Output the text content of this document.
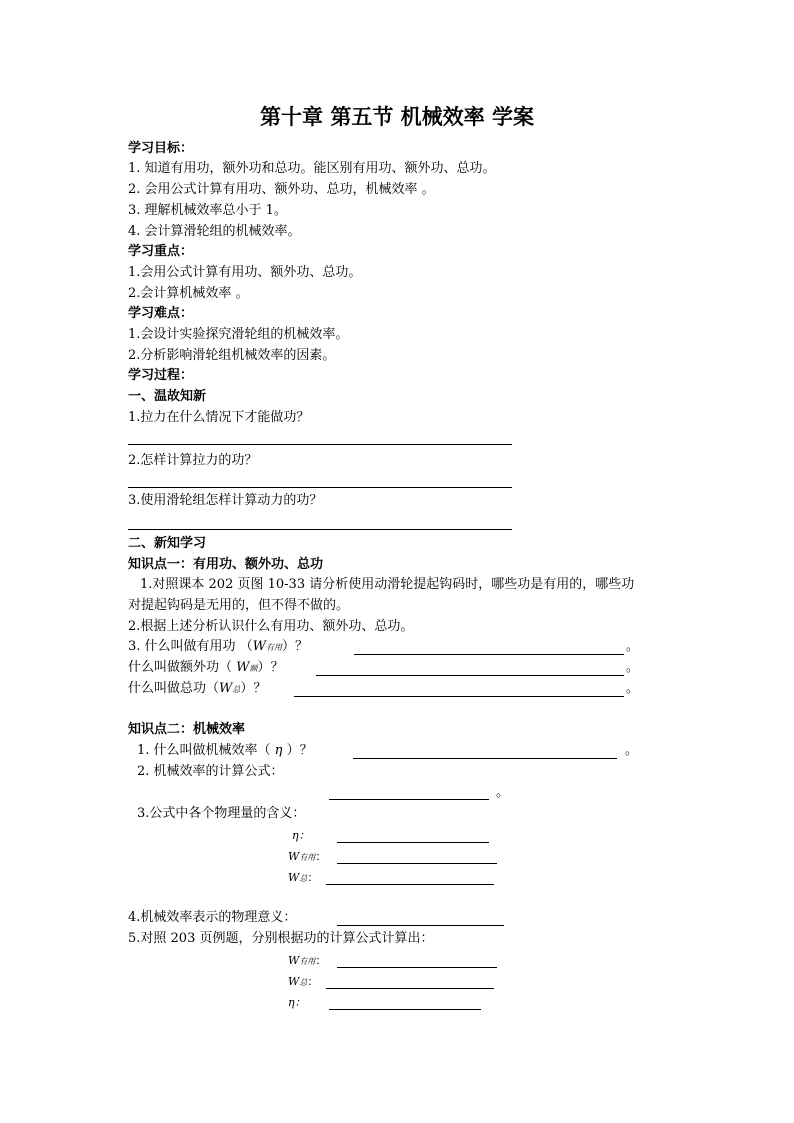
第十章 第五节 机械效率 学案
学习目标：
1. 知道有用功，额外功和总功。能区别有用功、额外功、总功。
2. 会用公式计算有用功、额外功、总功，机械效率 。
3. 理解机械效率总小于 1。
4. 会计算滑轮组的机械效率。
学习重点：
1.会用公式计算有用功、额外功、总功。
2.会计算机械效率 。
学习难点：
1.会设计实验探究滑轮组的机械效率。
2.分析影响滑轮组机械效率的因素。
学习过程：
一、温故知新
1.拉力在什么情况下才能做功？
2.怎样计算拉力的功？
3.使用滑轮组怎样计算动力的功？
二、新知学习
知识点一：有用功、额外功、总功
1.对照课本 202 页图 10-33 请分析使用动滑轮提起钩码时，哪些功是有用的，哪些功
对提起钩码是无用的，但不得不做的。
2.根据上述分析认识什么有用功、额外功、总功。
3. 什么叫做有用功 （W有用）？	。
什么叫做额外功（ W额）？	。
什么叫做总功（W总）？	。
知识点二：机械效率
1. 什么叫做机械效率（ η ）？	。
2. 机械效率的计算公式：
。
3.公式中各个物理量的含义：
η：
W有用：
W总：
4.机械效率表示的物理意义：
5.对照 203 页例题，分别根据功的计算公式计算出：
W有用：
W总：
η：
